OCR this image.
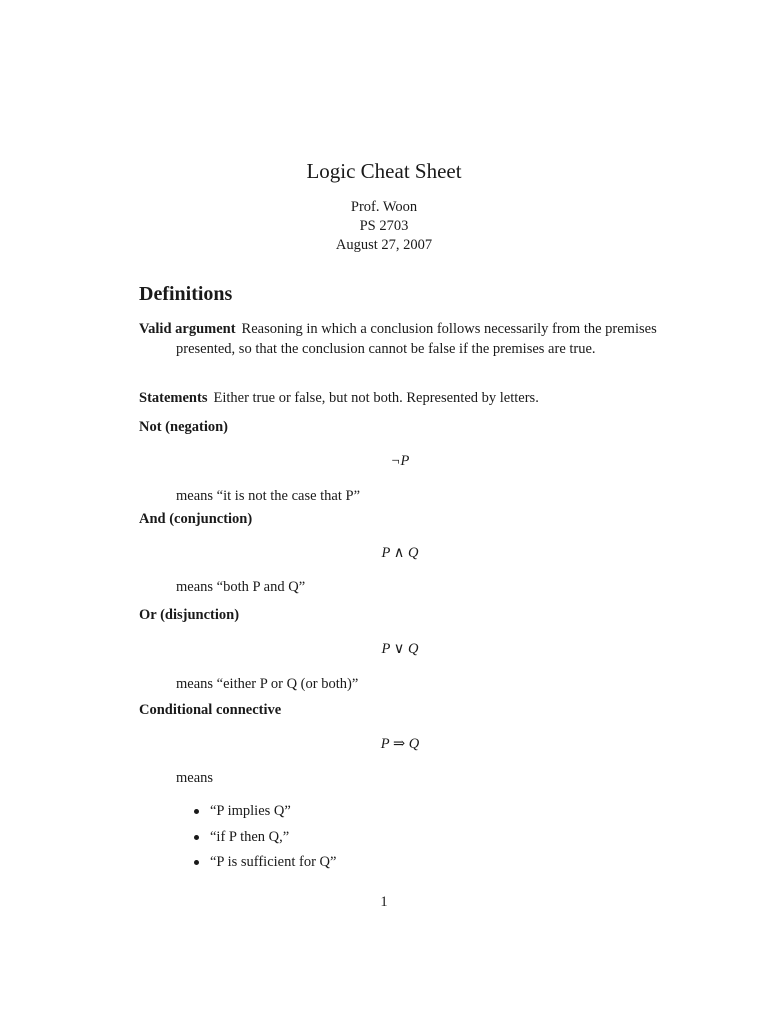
Logic Cheat Sheet
Prof. Woon
PS 2703
August 27, 2007
Definitions
Valid argument Reasoning in which a conclusion follows necessarily from the premises presented, so that the conclusion cannot be false if the premises are true.
Statements Either true or false, but not both. Represented by letters.
Not (negation)
¬P
means “it is not the case that P”
And (conjunction)
P ∧ Q
means “both P and Q”
Or (disjunction)
P ∨ Q
means “either P or Q (or both)”
Conditional connective
P ⇒ Q
means
“P implies Q”
“if P then Q,”
“P is sufficient for Q”
1
